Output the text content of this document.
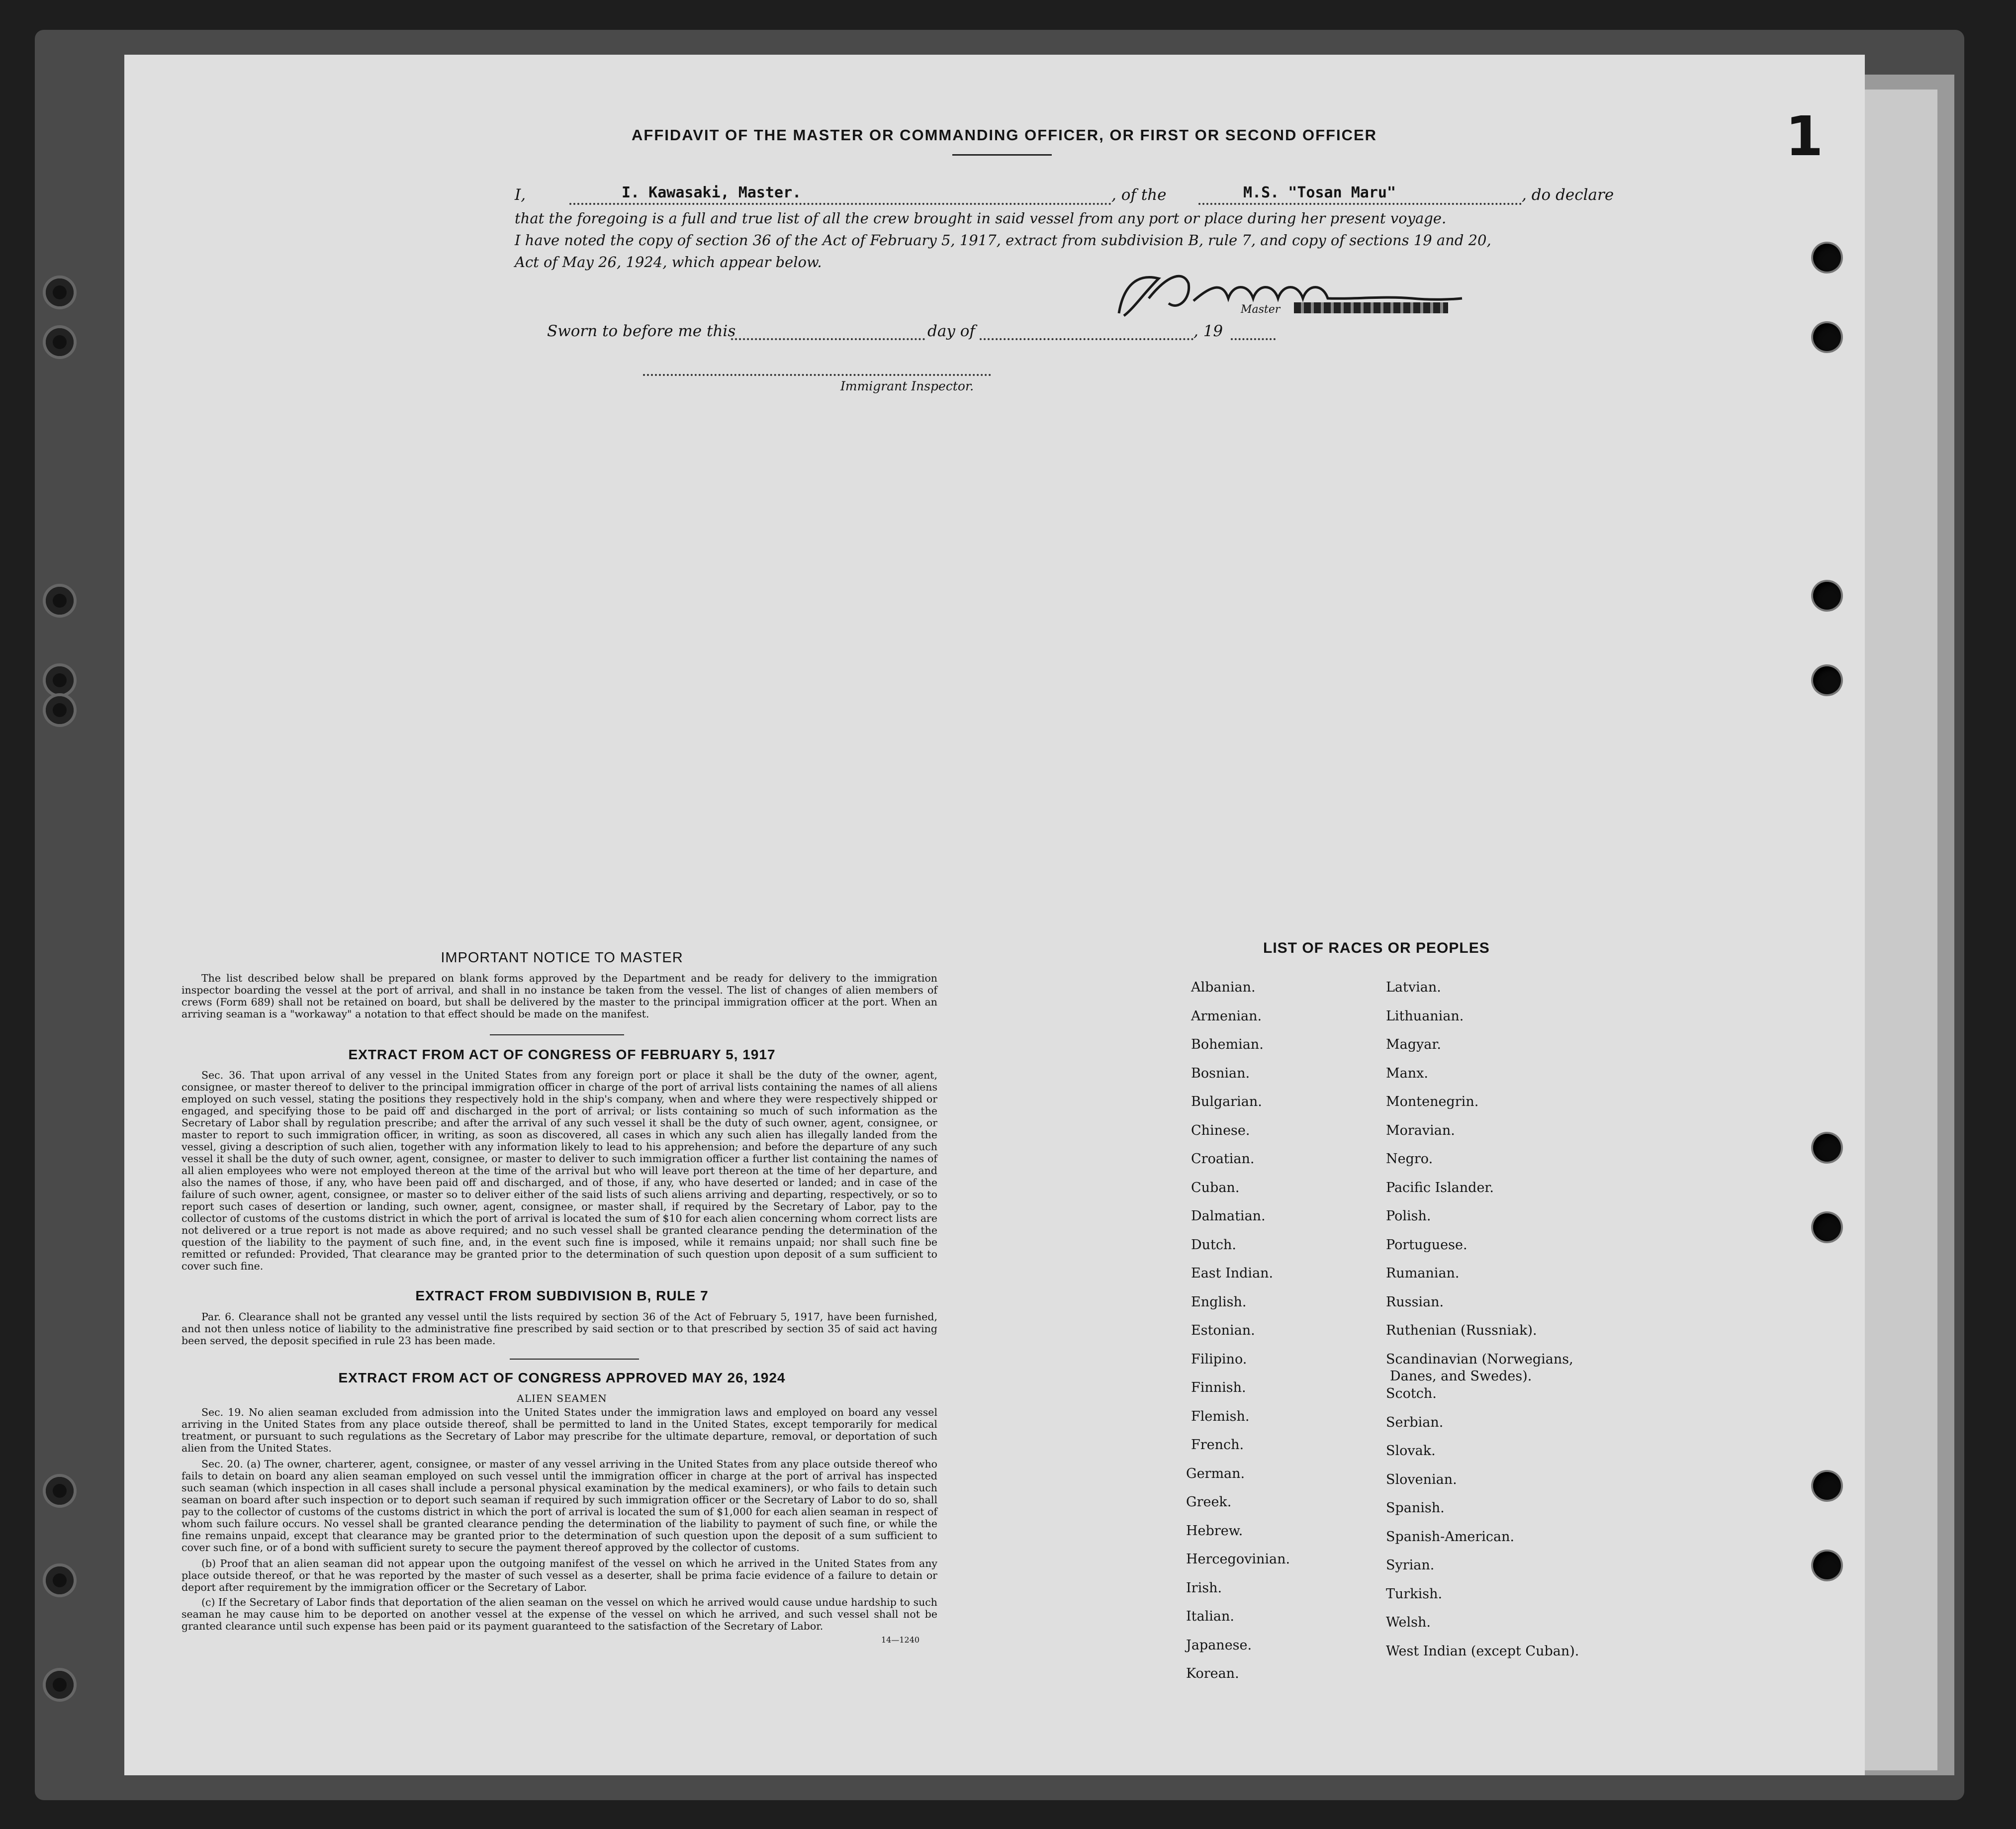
1
AFFIDAVIT OF THE MASTER OR COMMANDING OFFICER, OR FIRST OR SECOND OFFICER
I,	I. Kawasaki, Master.	, of the	M.S. "Tosan Maru"	, do declare
that the foregoing is a full and true list of all the crew brought in said vessel from any port or place during her present voyage.
I have noted the copy of section 36 of the Act of February 5, 1917, extract from subdivision B, rule 7, and copy of sections 19 and 20,
Act of May 26, 1924, which appear below.
Master
Sworn to before me this	day of	, 19
Immigrant Inspector.
IMPORTANT NOTICE TO MASTER
The list described below shall be prepared on blank forms approved by the Department and be ready for delivery to the immigration inspector boarding the vessel at the port of arrival, and shall in no instance be taken from the vessel. The list of changes of alien members of crews (Form 689) shall not be retained on board, but shall be delivered by the master to the principal immigration officer at the port. When an arriving seaman is a "workaway" a notation to that effect should be made on the manifest.
EXTRACT FROM ACT OF CONGRESS OF FEBRUARY 5, 1917
Sec. 36. That upon arrival of any vessel in the United States from any foreign port or place it shall be the duty of the owner, agent, consignee, or master thereof to deliver to the principal immigration officer in charge of the port of arrival lists containing the names of all aliens employed on such vessel, stating the positions they respectively hold in the ship's company, when and where they were respectively shipped or engaged, and specifying those to be paid off and discharged in the port of arrival; or lists containing so much of such information as the Secretary of Labor shall by regulation prescribe; and after the arrival of any such vessel it shall be the duty of such owner, agent, consignee, or master to report to such immigration officer, in writing, as soon as discovered, all cases in which any such alien has illegally landed from the vessel, giving a description of such alien, together with any information likely to lead to his apprehension; and before the departure of any such vessel it shall be the duty of such owner, agent, consignee, or master to deliver to such immigration officer a further list containing the names of all alien employees who were not employed thereon at the time of the arrival but who will leave port thereon at the time of her departure, and also the names of those, if any, who have been paid off and discharged, and of those, if any, who have deserted or landed; and in case of the failure of such owner, agent, consignee, or master so to deliver either of the said lists of such aliens arriving and departing, respectively, or so to report such cases of desertion or landing, such owner, agent, consignee, or master shall, if required by the Secretary of Labor, pay to the collector of customs of the customs district in which the port of arrival is located the sum of $10 for each alien concerning whom correct lists are not delivered or a true report is not made as above required; and no such vessel shall be granted clearance pending the determination of the question of the liability to the payment of such fine, and, in the event such fine is imposed, while it remains unpaid; nor shall such fine be remitted or refunded: Provided, That clearance may be granted prior to the determination of such question upon deposit of a sum sufficient to cover such fine.
EXTRACT FROM SUBDIVISION B, RULE 7
Par. 6. Clearance shall not be granted any vessel until the lists required by section 36 of the Act of February 5, 1917, have been furnished, and not then unless notice of liability to the administrative fine prescribed by said section or to that prescribed by section 35 of said act having been served, the deposit specified in rule 23 has been made.
EXTRACT FROM ACT OF CONGRESS APPROVED MAY 26, 1924
ALIEN SEAMEN
Sec. 19. No alien seaman excluded from admission into the United States under the immigration laws and employed on board any vessel arriving in the United States from any place outside thereof, shall be permitted to land in the United States, except temporarily for medical treatment, or pursuant to such regulations as the Secretary of Labor may prescribe for the ultimate departure, removal, or deportation of such alien from the United States.
Sec. 20. (a) The owner, charterer, agent, consignee, or master of any vessel arriving in the United States from any place outside thereof who fails to detain on board any alien seaman employed on such vessel until the immigration officer in charge at the port of arrival has inspected such seaman (which inspection in all cases shall include a personal physical examination by the medical examiners), or who fails to detain such seaman on board after such inspection or to deport such seaman if required by such immigration officer or the Secretary of Labor to do so, shall pay to the collector of customs of the customs district in which the port of arrival is located the sum of $1,000 for each alien seaman in respect of whom such failure occurs. No vessel shall be granted clearance pending the determination of the liability to payment of such fine, or while the fine remains unpaid, except that clearance may be granted prior to the determination of such question upon the deposit of a sum sufficient to cover such fine, or of a bond with sufficient surety to secure the payment thereof approved by the collector of customs.
(b) Proof that an alien seaman did not appear upon the outgoing manifest of the vessel on which he arrived in the United States from any place outside thereof, or that he was reported by the master of such vessel as a deserter, shall be prima facie evidence of a failure to detain or deport after requirement by the immigration officer or the Secretary of Labor.
(c) If the Secretary of Labor finds that deportation of the alien seaman on the vessel on which he arrived would cause undue hardship to such seaman he may cause him to be deported on another vessel at the expense of the vessel on which he arrived, and such vessel shall not be granted clearance until such expense has been paid or its payment guaranteed to the satisfaction of the Secretary of Labor.
14—1240
LIST OF RACES OR PEOPLES
Albanian.
Armenian.
Bohemian.
Bosnian.
Bulgarian.
Chinese.
Croatian.
Cuban.
Dalmatian.
Dutch.
East Indian.
English.
Estonian.
Filipino.
Finnish.
Flemish.
French.
German.
Greek.
Hebrew.
Hercegovinian.
Irish.
Italian.
Japanese.
Korean.
Latvian.
Lithuanian.
Magyar.
Manx.
Montenegrin.
Moravian.
Negro.
Pacific Islander.
Polish.
Portuguese.
Rumanian.
Russian.
Ruthenian (Russniak).
Scandinavian (Norwegians,
Danes, and Swedes).
Scotch.
Serbian.
Slovak.
Slovenian.
Spanish.
Spanish-American.
Syrian.
Turkish.
Welsh.
West Indian (except Cuban).
